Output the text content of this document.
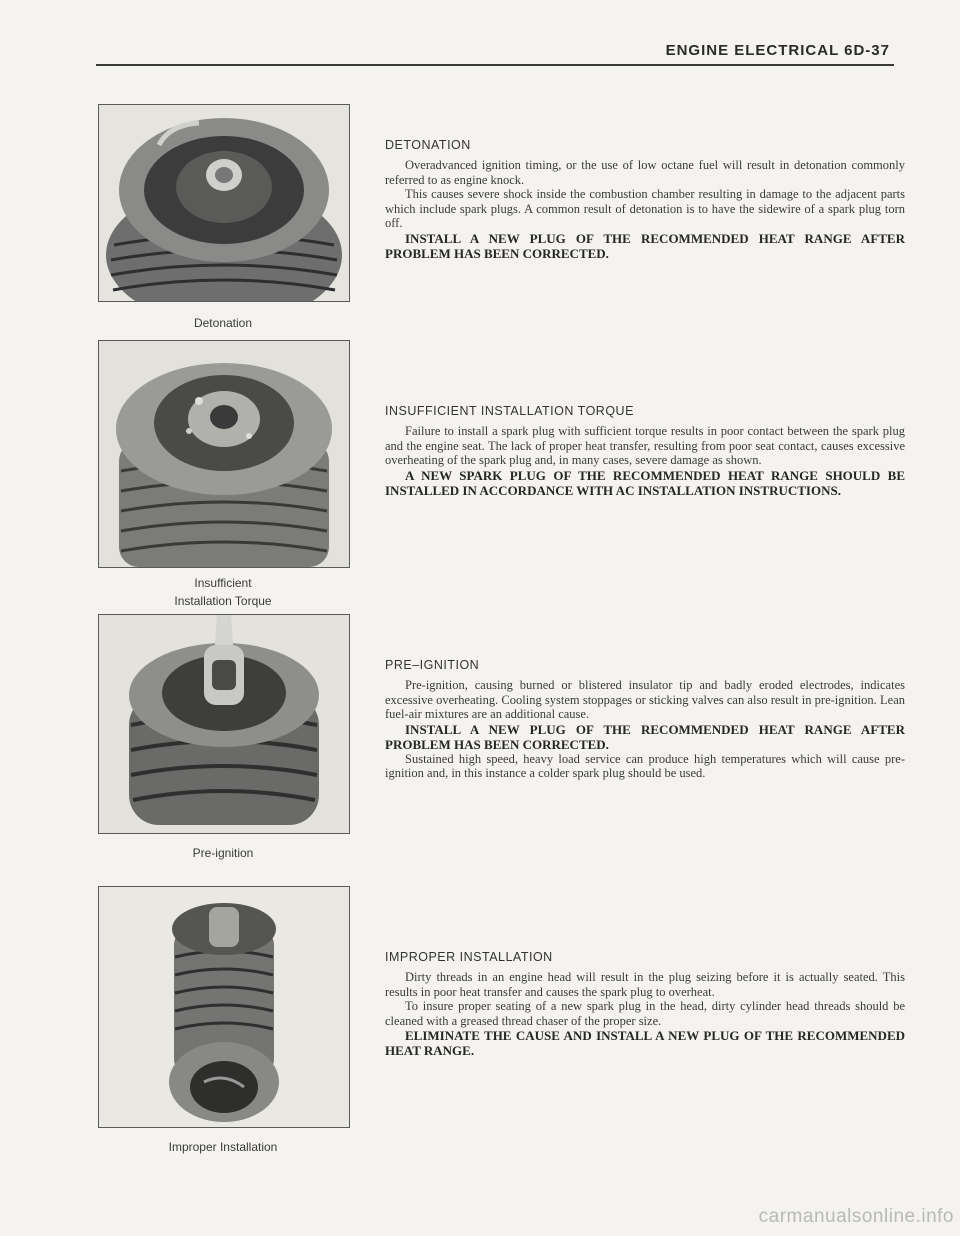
ENGINE ELECTRICAL 6D-37
Detonation
Insufficient
Installation Torque
Pre-ignition
Improper Installation
DETONATION

Overadvanced ignition timing, or the use of low octane fuel will result in detonation commonly referred to as engine knock.

This causes severe shock inside the combustion chamber resulting in damage to the adjacent parts which include spark plugs. A common result of detonation is to have the sidewire of a spark plug torn off.

INSTALL A NEW PLUG OF THE RECOMMENDED HEAT RANGE AFTER PROBLEM HAS BEEN CORRECTED.

INSUFFICIENT INSTALLATION TORQUE

Failure to install a spark plug with sufficient torque results in poor contact between the spark plug and the engine seat. The lack of proper heat transfer, resulting from poor seat contact, causes excessive overheating of the spark plug and, in many cases, severe damage as shown.

A NEW SPARK PLUG OF THE RECOMMENDED HEAT RANGE SHOULD BE INSTALLED IN ACCORDANCE WITH AC INSTALLATION INSTRUCTIONS.

PRE–IGNITION

Pre-ignition, causing burned or blistered insulator tip and badly eroded electrodes, indicates excessive overheating. Cooling system stoppages or sticking valves can also result in pre-ignition. Lean fuel-air mixtures are an additional cause.

INSTALL A NEW PLUG OF THE RECOMMENDED HEAT RANGE AFTER PROBLEM HAS BEEN CORRECTED.

Sustained high speed, heavy load service can produce high temperatures which will cause pre-ignition and, in this instance a colder spark plug should be used.

IMPROPER INSTALLATION

Dirty threads in an engine head will result in the plug seizing before it is actually seated. This results in poor heat transfer and causes the spark plug to overheat.

To insure proper seating of a new spark plug in the head, dirty cylinder head threads should be cleaned with a greased thread chaser of the proper size.

ELIMINATE THE CAUSE AND INSTALL A NEW PLUG OF THE RECOMMENDED HEAT RANGE.

carmanualsonline.info
